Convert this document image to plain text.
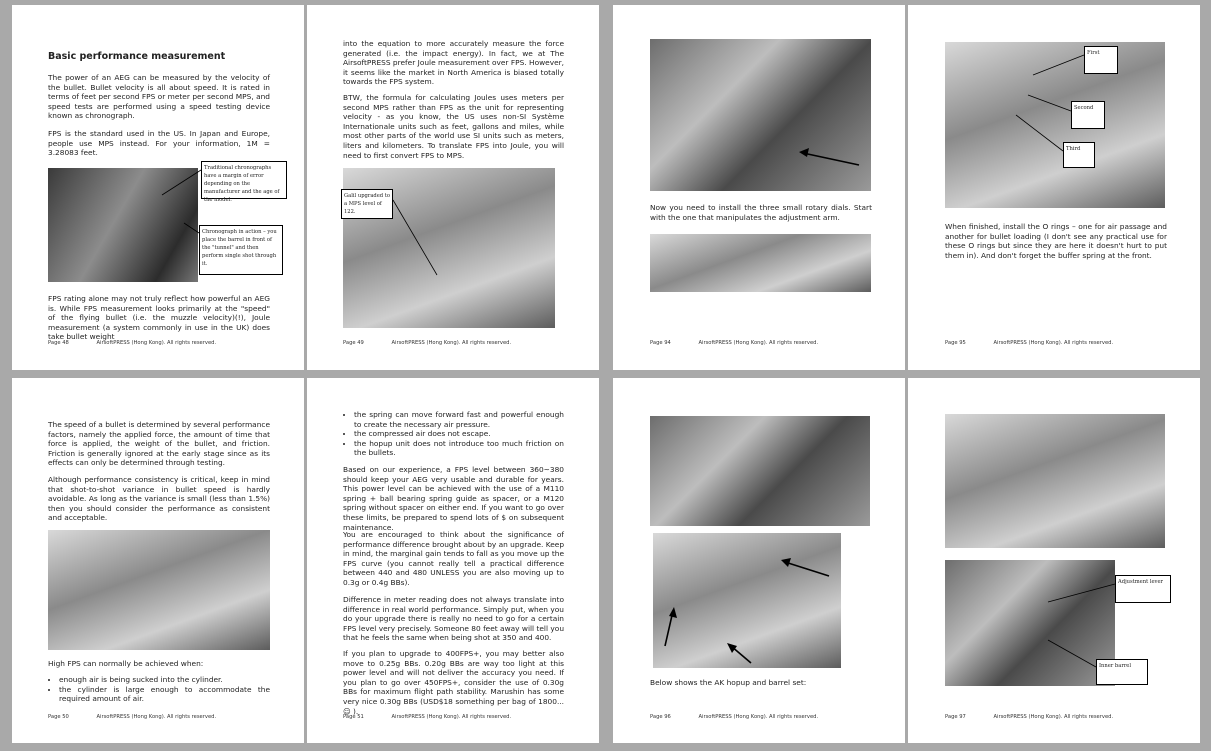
Basic performance measurement

The power of an AEG can be measured by the velocity of the bullet. Bullet velocity is all about speed. It is rated in terms of feet per second FPS or meter per second MPS, and speed tests are performed using a speed testing device known as chronograph.

FPS is the standard used in the US. In Japan and Europe, people use MPS instead. For your information, 1M = 3.28083 feet.

Traditional chronographs have a margin of error depending on the manufacturer and the age of the model.
Chronograph in action – you place the barrel in front of the "tunnel" and then perform single shot through it.

FPS rating alone may not truly reflect how powerful an AEG is. While FPS measurement looks primarily at the "speed" of the flying bullet (i.e. the muzzle velocity)(!), Joule measurement (a system commonly in use in the UK) does take bullet weight

Page 48	AirsoftPRESS (Hong Kong). All rights reserved.

into the equation to more accurately measure the force generated (i.e. the impact energy). In fact, we at The AirsoftPRESS prefer Joule measurement over FPS. However, it seems like the market in North America is biased totally towards the FPS system.

BTW, the formula for calculating Joules uses meters per second MPS rather than FPS as the unit for representing velocity - as you know, the US uses non-SI Système Internationale units such as feet, gallons and miles, while most other parts of the world use SI units such as meters, liters and kilometers. To translate FPS into Joule, you will need to first convert FPS to MPS.

Galil upgraded to a MPS level of 122.
Page 49	AirsoftPRESS (Hong Kong). All rights reserved.

Now you need to install the three small rotary dials. Start with the one that manipulates the adjustment arm.

Page 94	AirsoftPRESS (Hong Kong). All rights reserved.
First
Second
Third

When finished, install the O rings – one for air passage and another for bullet loading (I don't see any practical use for these O rings but since they are here it doesn't hurt to put them in). And don't forget the buffer spring at the front.

Page 95	AirsoftPRESS (Hong Kong). All rights reserved.

The speed of a bullet is determined by several performance factors, namely the applied force, the amount of time that force is applied, the weight of the bullet, and friction. Friction is generally ignored at the early stage since as its effects can only be determined through testing.

Although performance consistency is critical, keep in mind that shot-to-shot variance in bullet speed is hardly avoidable. As long as the variance is small (less than 1.5%) then you should consider the performance as consistent and acceptable.

High FPS can normally be achieved when:

• enough air is being sucked into the cylinder.
• the cylinder is large enough to accommodate the required amount of air.
Page 50	AirsoftPRESS (Hong Kong). All rights reserved.
• the spring can move forward fast and powerful enough to create the necessary air pressure.
• the compressed air does not escape.
• the hopup unit does not introduce too much friction on the bullets.

Based on our experience, a FPS level between 360~380 should keep your AEG very usable and durable for years. This power level can be achieved with the use of a M110 spring + ball bearing spring guide as spacer, or a M120 spring without spacer on either end. If you want to go over these limits, be prepared to spend lots of $ on subsequent maintenance.

You are encouraged to think about the significance of performance difference brought about by an upgrade. Keep in mind, the marginal gain tends to fall as you move up the FPS curve (you cannot really tell a practical difference between 440 and 480 UNLESS you are also moving up to 0.3g or 0.4g BBs).

Difference in meter reading does not always translate into difference in real world performance. Simply put, when you do your upgrade there is really no need to go for a certain FPS level very precisely. Someone 80 feet away will tell you that he feels the same when being shot at 350 and 400.

If you plan to upgrade to 400FPS+, you may better also move to 0.25g BBs. 0.20g BBs are way too light at this power level and will not deliver the accuracy you need. If you plan to go over 450FPS+, consider the use of 0.30g BBs for maximum flight path stability. Marushin has some very nice 0.30g BBs (USD$18 something per bag of 1800... ☺ ).

Page 51	AirsoftPRESS (Hong Kong). All rights reserved.

Below shows the AK hopup and barrel set:

Page 96	AirsoftPRESS (Hong Kong). All rights reserved.
Adjustment lever
Inner barrel
Page 97	AirsoftPRESS (Hong Kong). All rights reserved.
